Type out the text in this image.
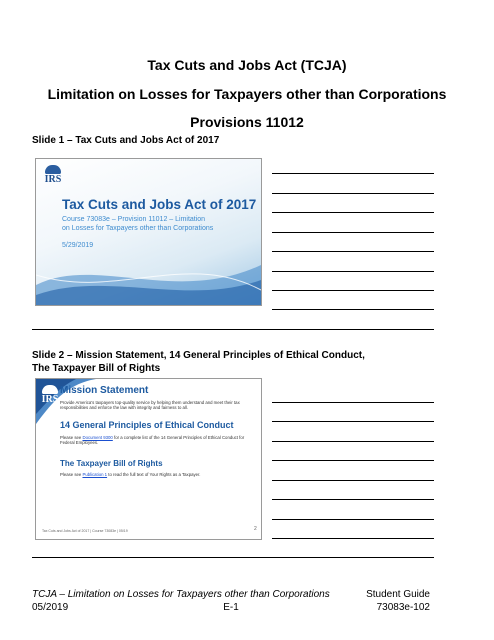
Tax Cuts and Jobs Act (TCJA)
Limitation on Losses for Taxpayers other than Corporations
Provisions 11012
Slide 1 – Tax Cuts and Jobs Act of 2017
IRS
Tax Cuts and Jobs Act of 2017
Course 73083e – Provision 11012 – Limitation
on Losses for Taxpayers other than Corporations
5/29/2019
Slide 2 – Mission Statement, 14 General Principles of Ethical Conduct,
The Taxpayer Bill of Rights
IRS
Mission Statement
Provide America's taxpayers top-quality service by helping them understand and meet their tax responsibilities and enforce the law with integrity and fairness to all.
14 General Principles of Ethical Conduct
Please see Document 9300 for a complete list of the 14 General Principles of Ethical Conduct for Federal Employees.
The Taxpayer Bill of Rights
Please see Publication 1 to read the full text of Your Rights as a Taxpayer.
Tax Cuts and Jobs Act of 2017 | Course 73083e | 05/19	2
TCJA – Limitation on Losses for Taxpayers other than Corporations	Student Guide
05/2019	E-1	73083e-102
